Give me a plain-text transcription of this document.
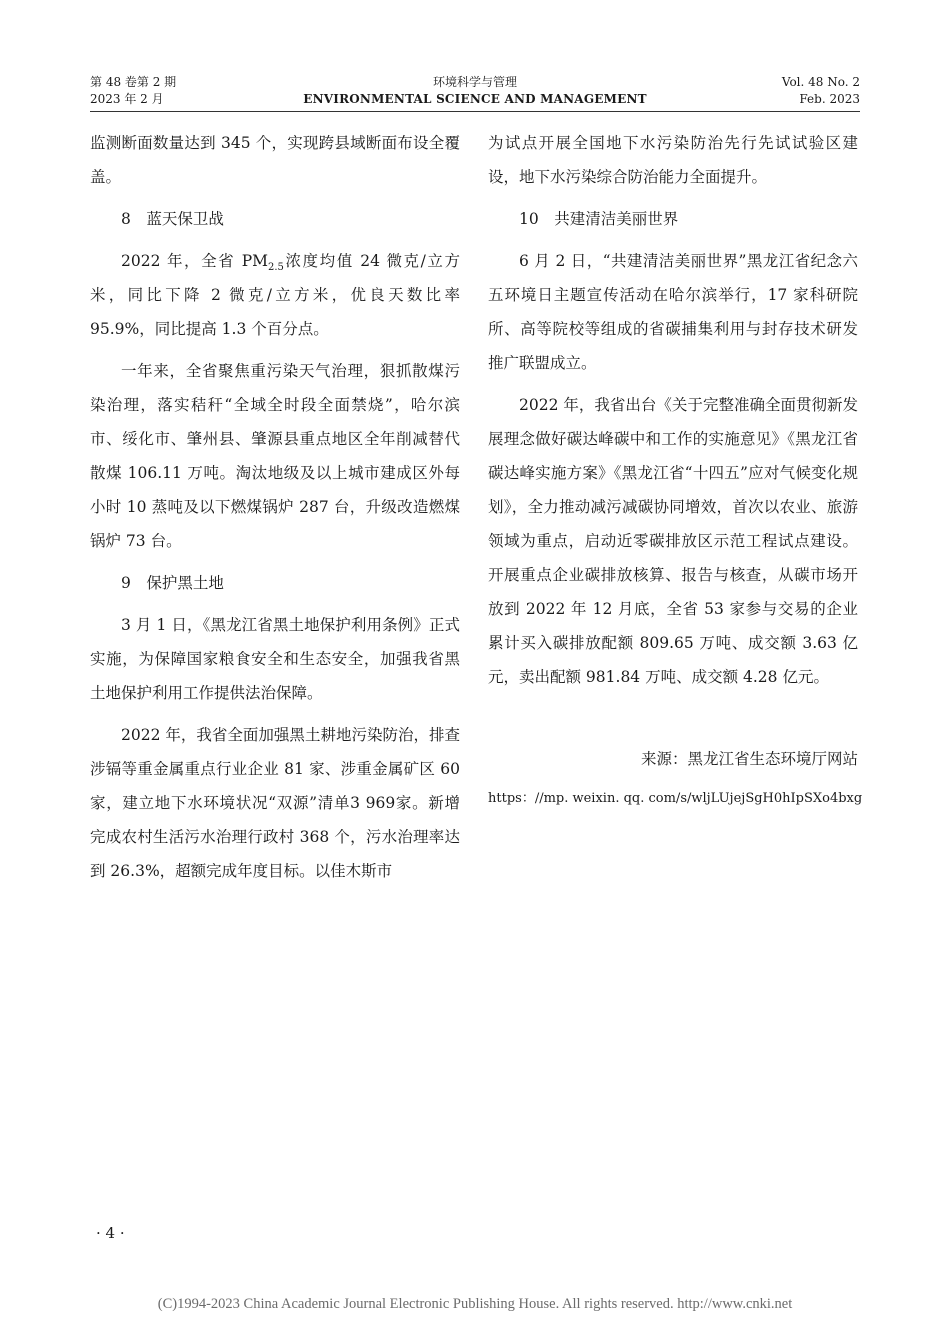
第 48 卷第 2 期
2023 年 2 月
环境科学与管理
ENVIRONMENTAL SCIENCE AND MANAGEMENT
Vol. 48 No. 2
Feb. 2023

监测断面数量达到 345 个，实现跨县域断面布设全覆盖。

8 蓝天保卫战

2022 年，全省 $PM_{2.5}$浓度均值 24 微克/立方米，同比下降 2 微克/立方米，优良天数比率 95.9%，同比提高 1.3 个百分点。

一年来，全省聚焦重污染天气治理，狠抓散煤污染治理，落实秸秆“全域全时段全面禁烧”，哈尔滨市、绥化市、肇州县、肇源县重点地区全年削减替代散煤 106.11 万吨。淘汰地级及以上城市建成区外每小时 10 蒸吨及以下燃煤锅炉 287 台，升级改造燃煤锅炉 73 台。

9 保护黑土地

3 月 1 日，《黑龙江省黑土地保护利用条例》正式实施，为保障国家粮食安全和生态安全，加强我省黑土地保护利用工作提供法治保障。

2022 年，我省全面加强黑土耕地污染防治，排查涉镉等重金属重点行业企业 81 家、涉重金属矿区 60 家，建立地下水环境状况“双源”清单3 969家。新增完成农村生活污水治理行政村 368 个，污水治理率达到 26.3%，超额完成年度目标。以佳木斯市

为试点开展全国地下水污染防治先行先试试验区建设，地下水污染综合防治能力全面提升。

10 共建清洁美丽世界

6 月 2 日，“共建清洁美丽世界”黑龙江省纪念六五环境日主题宣传活动在哈尔滨举行，17 家科研院所、高等院校等组成的省碳捕集利用与封存技术研发推广联盟成立。

2022 年，我省出台《关于完整准确全面贯彻新发展理念做好碳达峰碳中和工作的实施意见》《黑龙江省碳达峰实施方案》《黑龙江省“十四五”应对气候变化规划》，全力推动减污减碳协同增效，首次以农业、旅游领域为重点，启动近零碳排放区示范工程试点建设。开展重点企业碳排放核算、报告与核查，从碳市场开放到 2022 年 12 月底，全省 53 家参与交易的企业累计买入碳排放配额 809.65 万吨、成交额 3.63 亿元，卖出配额 981.84 万吨、成交额 4.28 亿元。

来源：黑龙江省生态环境厅网站

https：//mp. weixin. qq. com/s/wljLUjejSgH0hIpSXo4bxg

· 4 ·
(C)1994-2023 China Academic Journal Electronic Publishing House. All rights reserved. http://www.cnki.net
